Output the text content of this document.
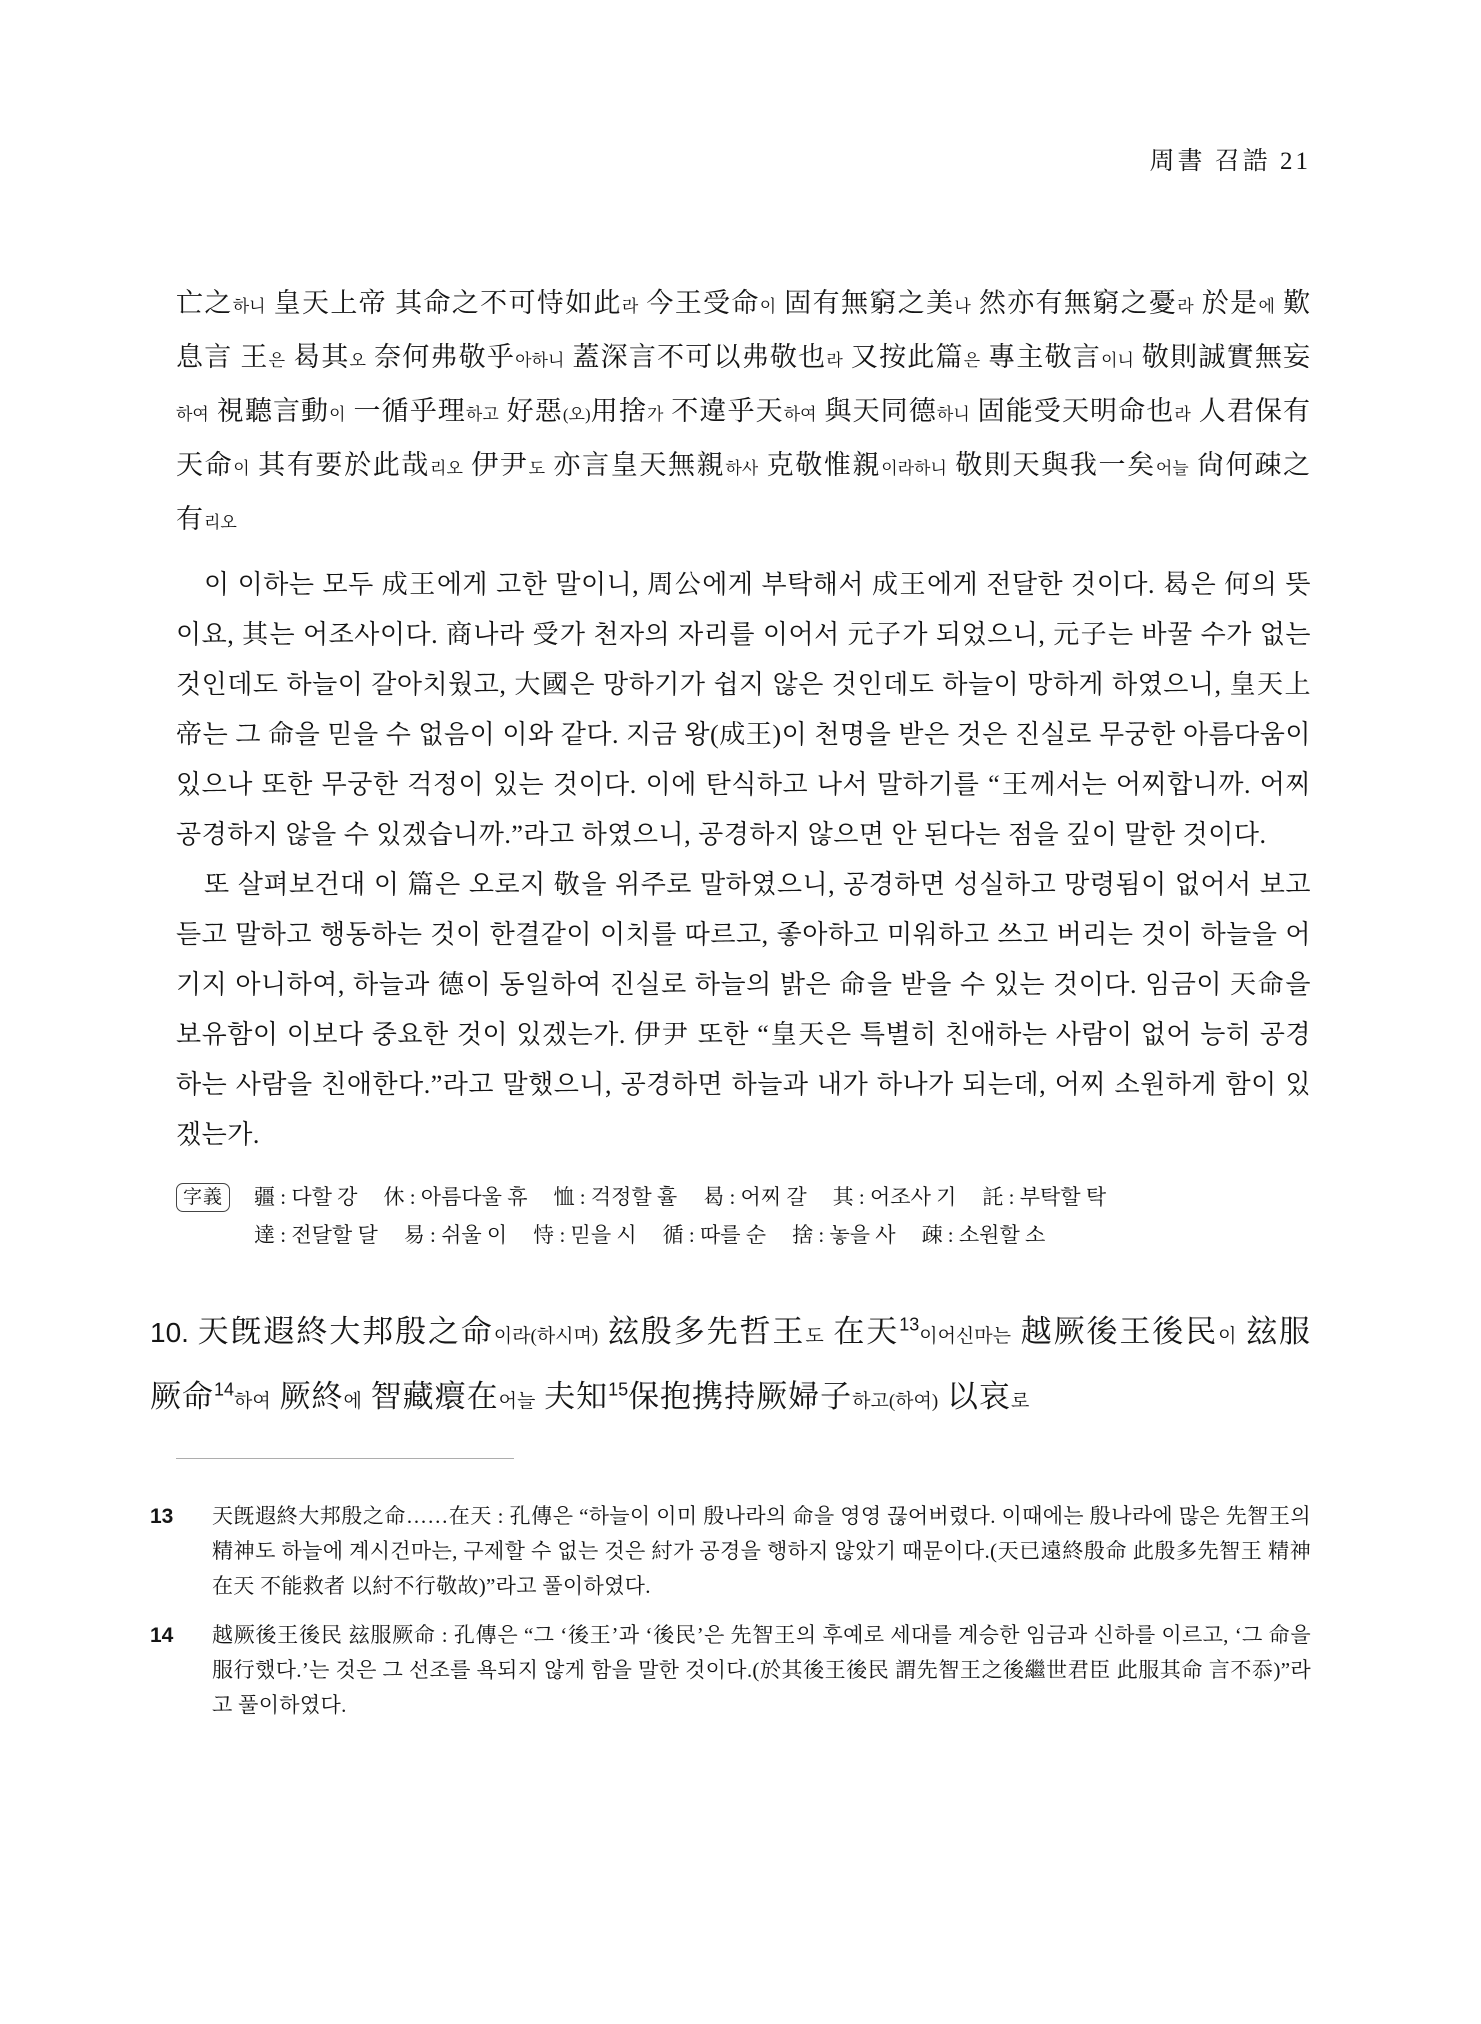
周書 召誥 21
亡之하니 皇天上帝 其命之不可恃如此라 今王受命이 固有無窮之美나 然亦有無窮之憂라 於是에 歎息言 王은 曷其오 奈何弗敬乎아하니 蓋深言不可以弗敬也라 又按此篇은 專主敬言이니 敬則誠實無妄하여 視聽言動이 一循乎理하고 好惡(오)用捨가 不違乎天하여 與天同德하니 固能受天明命也라 人君保有天命이 其有要於此哉리오 伊尹도 亦言皇天無親하사 克敬惟親이라하니 敬則天與我一矣어늘 尙何疎之有리오

이 이하는 모두 成王에게 고한 말이니, 周公에게 부탁해서 成王에게 전달한 것이다. 曷은 何의 뜻이요, 其는 어조사이다. 商나라 受가 천자의 자리를 이어서 元子가 되었으니, 元子는 바꿀 수가 없는 것인데도 하늘이 갈아치웠고, 大國은 망하기가 쉽지 않은 것인데도 하늘이 망하게 하였으니, 皇天上帝는 그 命을 믿을 수 없음이 이와 같다. 지금 왕(成王)이 천명을 받은 것은 진실로 무궁한 아름다움이 있으나 또한 무궁한 걱정이 있는 것이다. 이에 탄식하고 나서 말하기를 “王께서는 어찌합니까. 어찌 공경하지 않을 수 있겠습니까.”라고 하였으니, 공경하지 않으면 안 된다는 점을 깊이 말한 것이다.

또 살펴보건대 이 篇은 오로지 敬을 위주로 말하였으니, 공경하면 성실하고 망령됨이 없어서 보고 듣고 말하고 행동하는 것이 한결같이 이치를 따르고, 좋아하고 미워하고 쓰고 버리는 것이 하늘을 어기지 아니하여, 하늘과 德이 동일하여 진실로 하늘의 밝은 命을 받을 수 있는 것이다. 임금이 天命을 보유함이 이보다 중요한 것이 있겠는가. 伊尹 또한 “皇天은 특별히 친애하는 사람이 없어 능히 공경하는 사람을 친애한다.”라고 말했으니, 공경하면 하늘과 내가 하나가 되는데, 어찌 소원하게 함이 있겠는가.

字義	疆 : 다할 강 休 : 아름다울 휴 恤 : 걱정할 휼 曷 : 어찌 갈 其 : 어조사 기 託 : 부탁할 탁
達 : 전달할 달 易 : 쉬울 이 恃 : 믿을 시 循 : 따를 순 捨 : 놓을 사 疎 : 소원할 소
10. 天旣遐終大邦殷之命이라(하시며) 玆殷多先哲王도 在天$^{13}$이어신마는 越厥後王後民이 玆服厥命$^{14}$하여 厥終에 智藏癏在어늘 夫知$^{15}$保抱携持厥婦子하고(하여) 以哀로
13	天旣遐終大邦殷之命……在天 : 孔傳은 “하늘이 이미 殷나라의 命을 영영 끊어버렸다. 이때에는 殷나라에 많은 先智王의 精神도 하늘에 계시건마는, 구제할 수 없는 것은 紂가 공경을 행하지 않았기 때문이다.(天已遠終殷命 此殷多先智王 精神在天 不能救者 以紂不行敬故)”라고 풀이하였다.
14	越厥後王後民 玆服厥命 : 孔傳은 “그 ‘後王’과 ‘後民’은 先智王의 후예로 세대를 계승한 임금과 신하를 이르고, ‘그 命을 服行했다.’는 것은 그 선조를 욕되지 않게 함을 말한 것이다.(於其後王後民 謂先智王之後繼世君臣 此服其命 言不忝)”라고 풀이하였다.
